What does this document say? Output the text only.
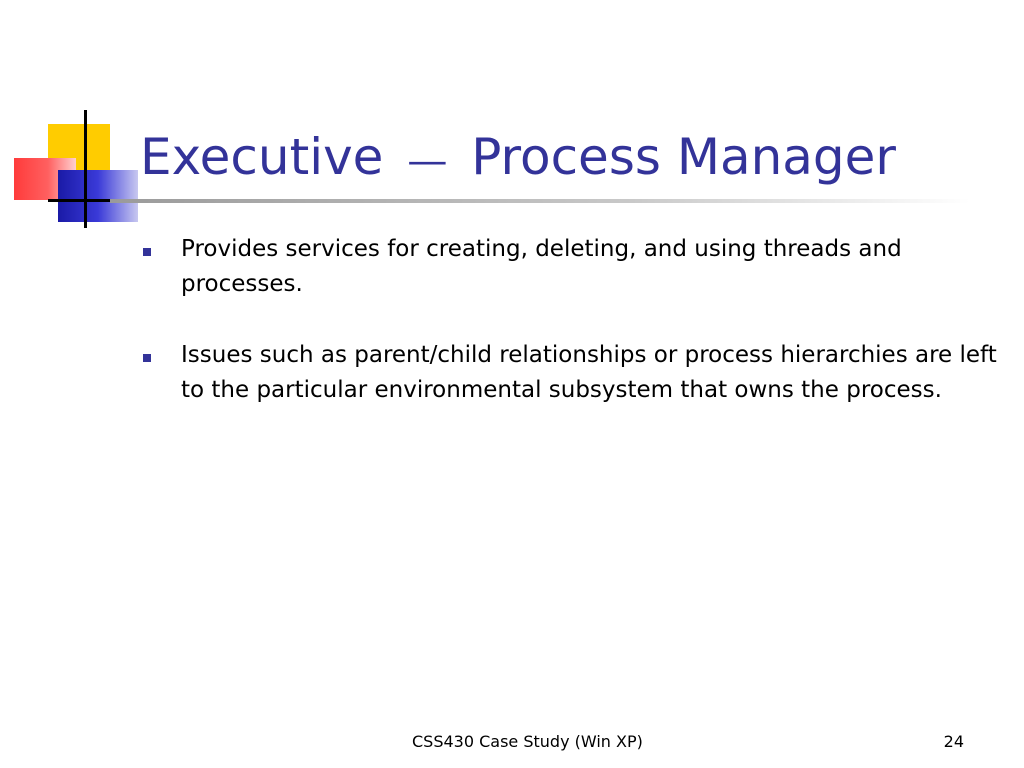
Executive — Process Manager
Provides services for creating, deleting, and using threads and processes.
Issues such as parent/child relationships or process hierarchies are left to the particular environmental subsystem that owns the process.
CSS430 Case Study (Win XP)	24
